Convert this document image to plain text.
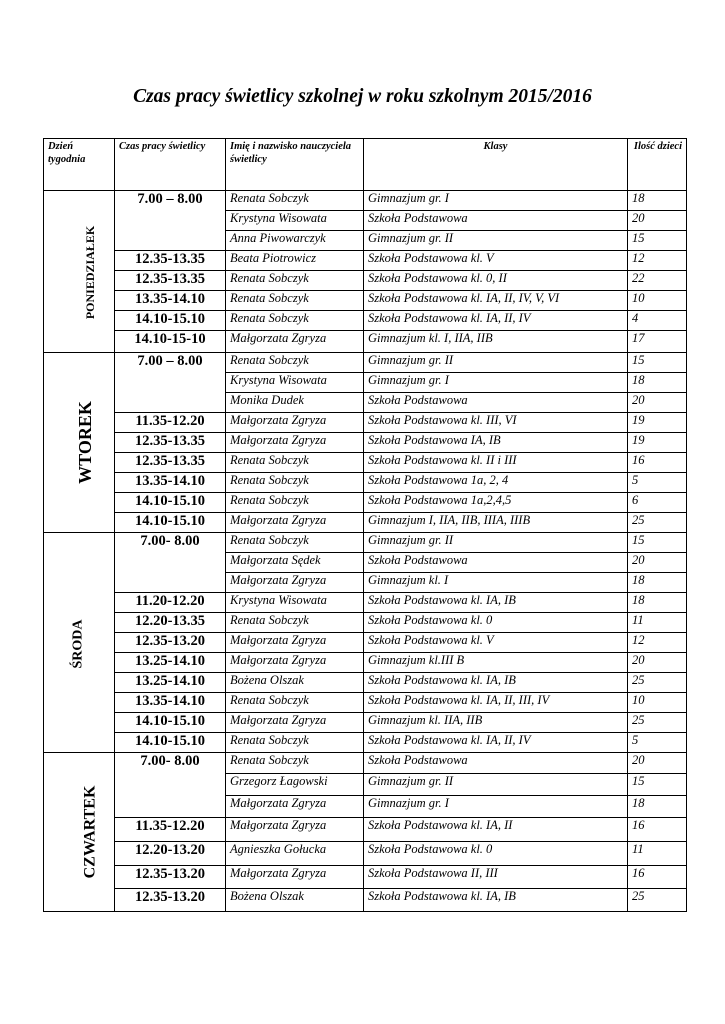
Czas pracy świetlicy szkolnej w roku szkolnym 2015/2016
Dzień tygodnia	Czas pracy świetlicy	Imię i nazwisko nauczyciela świetlicy	Klasy	Ilość dzieci
PONIEDZIAŁEK	7.00 – 8.00	Renata Sobczyk	Gimnazjum gr. I	18
		Krystyna Wisowata	Szkoła Podstawowa	20
		Anna Piwowarczyk	Gimnazjum gr. II	15
	12.35-13.35	Beata Piotrowicz	Szkoła Podstawowa kl. V	12
	12.35-13.35	Renata Sobczyk	Szkoła Podstawowa kl. 0, II	22
	13.35-14.10	Renata Sobczyk	Szkoła Podstawowa kl. IA, II, IV, V, VI	10
	14.10-15.10	Renata Sobczyk	Szkoła Podstawowa kl. IA, II, IV	4
	14.10-15-10	Małgorzata Zgryza	Gimnazjum kl. I, IIA, IIB	17
WTOREK	7.00 – 8.00	Renata Sobczyk	Gimnazjum gr. II	15
		Krystyna Wisowata	Gimnazjum gr. I	18
		Monika Dudek	Szkoła Podstawowa	20
	11.35-12.20	Małgorzata Zgryza	Szkoła Podstawowa kl. III, VI	19
	12.35-13.35	Małgorzata Zgryza	Szkoła Podstawowa IA, IB	19
	12.35-13.35	Renata Sobczyk	Szkoła Podstawowa kl. II i III	16
	13.35-14.10	Renata Sobczyk	Szkoła Podstawowa 1a, 2, 4	5
	14.10-15.10	Renata Sobczyk	Szkoła Podstawowa 1a,2,4,5	6
	14.10-15.10	Małgorzata Zgryza	Gimnazjum I, IIA, IIB, IIIA, IIIB	25
ŚRODA	7.00- 8.00	Renata Sobczyk	Gimnazjum gr. II	15
		Małgorzata Sędek	Szkoła Podstawowa	20
		Małgorzata Zgryza	Gimnazjum kl. I	18
	11.20-12.20	Krystyna Wisowata	Szkoła Podstawowa kl. IA, IB	18
	12.20-13.35	Renata Sobczyk	Szkoła Podstawowa kl. 0	11
	12.35-13.20	Małgorzata Zgryza	Szkoła Podstawowa kl. V	12
	13.25-14.10	Małgorzata Zgryza	Gimnazjum kl.III B	20
	13.25-14.10	Bożena Olszak	Szkoła Podstawowa kl. IA, IB	25
	13.35-14.10	Renata Sobczyk	Szkoła Podstawowa kl. IA, II, III, IV	10
	14.10-15.10	Małgorzata Zgryza	Gimnazjum kl. IIA, IIB	25
	14.10-15.10	Renata Sobczyk	Szkoła Podstawowa kl. IA, II, IV	5
CZWARTEK	7.00- 8.00	Renata Sobczyk	Szkoła Podstawowa	20
		Grzegorz Łagowski	Gimnazjum gr. II	15
		Małgorzata Zgryza	Gimnazjum gr. I	18
	11.35-12.20	Małgorzata Zgryza	Szkoła Podstawowa kl. IA, II	16
	12.20-13.20	Agnieszka Gołucka	Szkoła Podstawowa kl. 0	11
	12.35-13.20	Małgorzata Zgryza	Szkoła Podstawowa II, III	16
	12.35-13.20	Bożena Olszak	Szkoła Podstawowa kl. IA, IB	25
